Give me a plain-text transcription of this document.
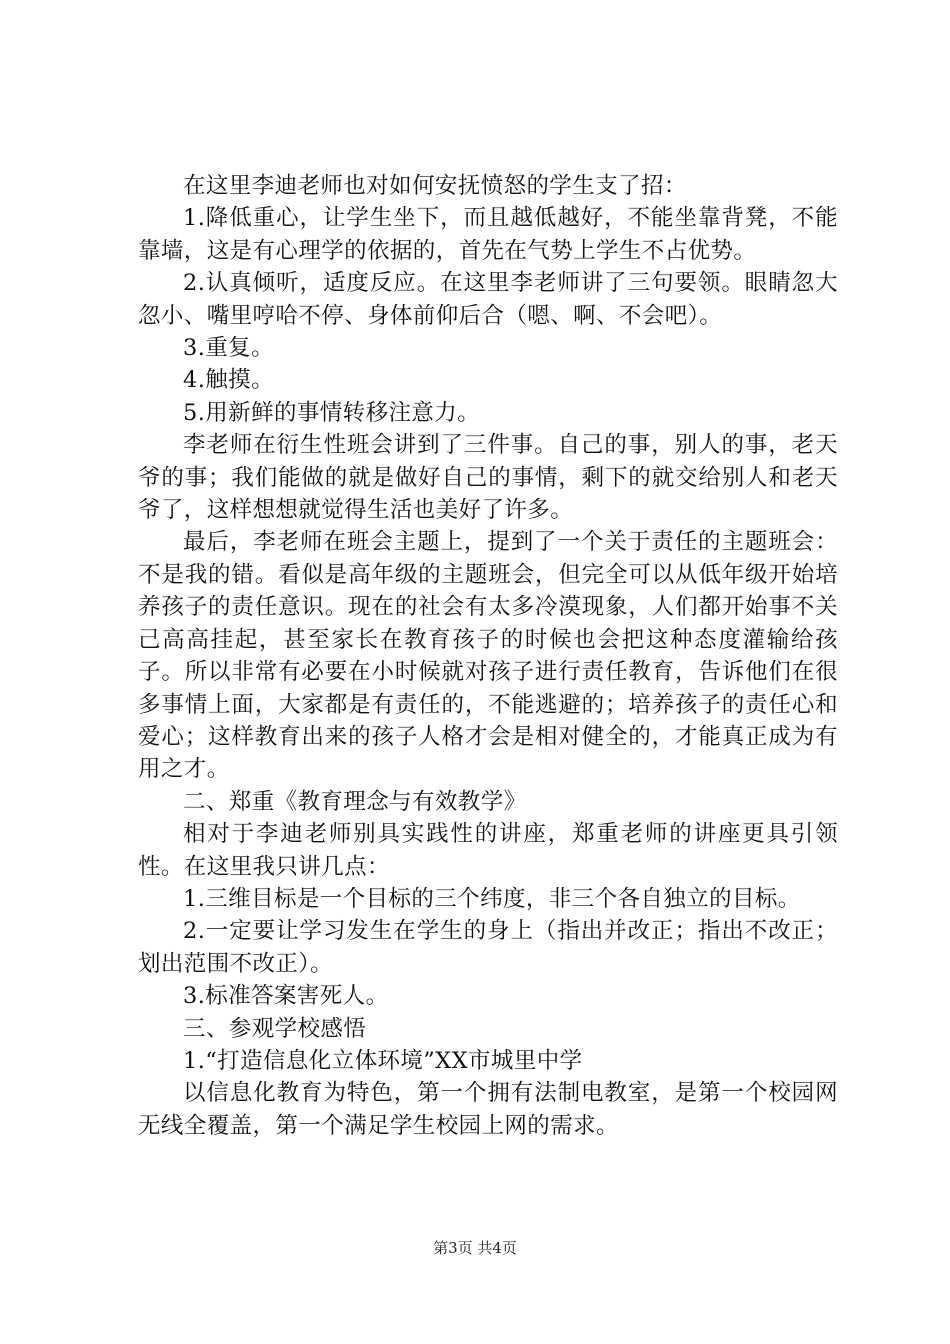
在这里李迪老师也对如何安抚愤怒的学生支了招：

1.降低重心，让学生坐下，而且越低越好，不能坐靠背凳，不能靠墙，这是有心理学的依据的，首先在气势上学生不占优势。

2.认真倾听，适度反应。在这里李老师讲了三句要领。眼睛忽大忽小、嘴里哼哈不停、身体前仰后合（嗯、啊、不会吧）。

3.重复。

4.触摸。

5.用新鲜的事情转移注意力。

李老师在衍生性班会讲到了三件事。自己的事，别人的事，老天爷的事；我们能做的就是做好自己的事情，剩下的就交给别人和老天爷了，这样想想就觉得生活也美好了许多。

最后，李老师在班会主题上，提到了一个关于责任的主题班会：不是我的错。看似是高年级的主题班会，但完全可以从低年级开始培养孩子的责任意识。现在的社会有太多冷漠现象，人们都开始事不关己高高挂起，甚至家长在教育孩子的时候也会把这种态度灌输给孩子。所以非常有必要在小时候就对孩子进行责任教育，告诉他们在很多事情上面，大家都是有责任的，不能逃避的；培养孩子的责任心和爱心；这样教育出来的孩子人格才会是相对健全的，才能真正成为有用之才。

二、郑重《教育理念与有效教学》

相对于李迪老师别具实践性的讲座，郑重老师的讲座更具引领性。在这里我只讲几点：

1.三维目标是一个目标的三个纬度，非三个各自独立的目标。

2.一定要让学习发生在学生的身上（指出并改正；指出不改正；划出范围不改正）。

3.标准答案害死人。

三、参观学校感悟

1.“打造信息化立体环境”XX市城里中学

以信息化教育为特色，第一个拥有法制电教室，是第一个校园网无线全覆盖，第一个满足学生校园上网的需求。

第3页 共4页
